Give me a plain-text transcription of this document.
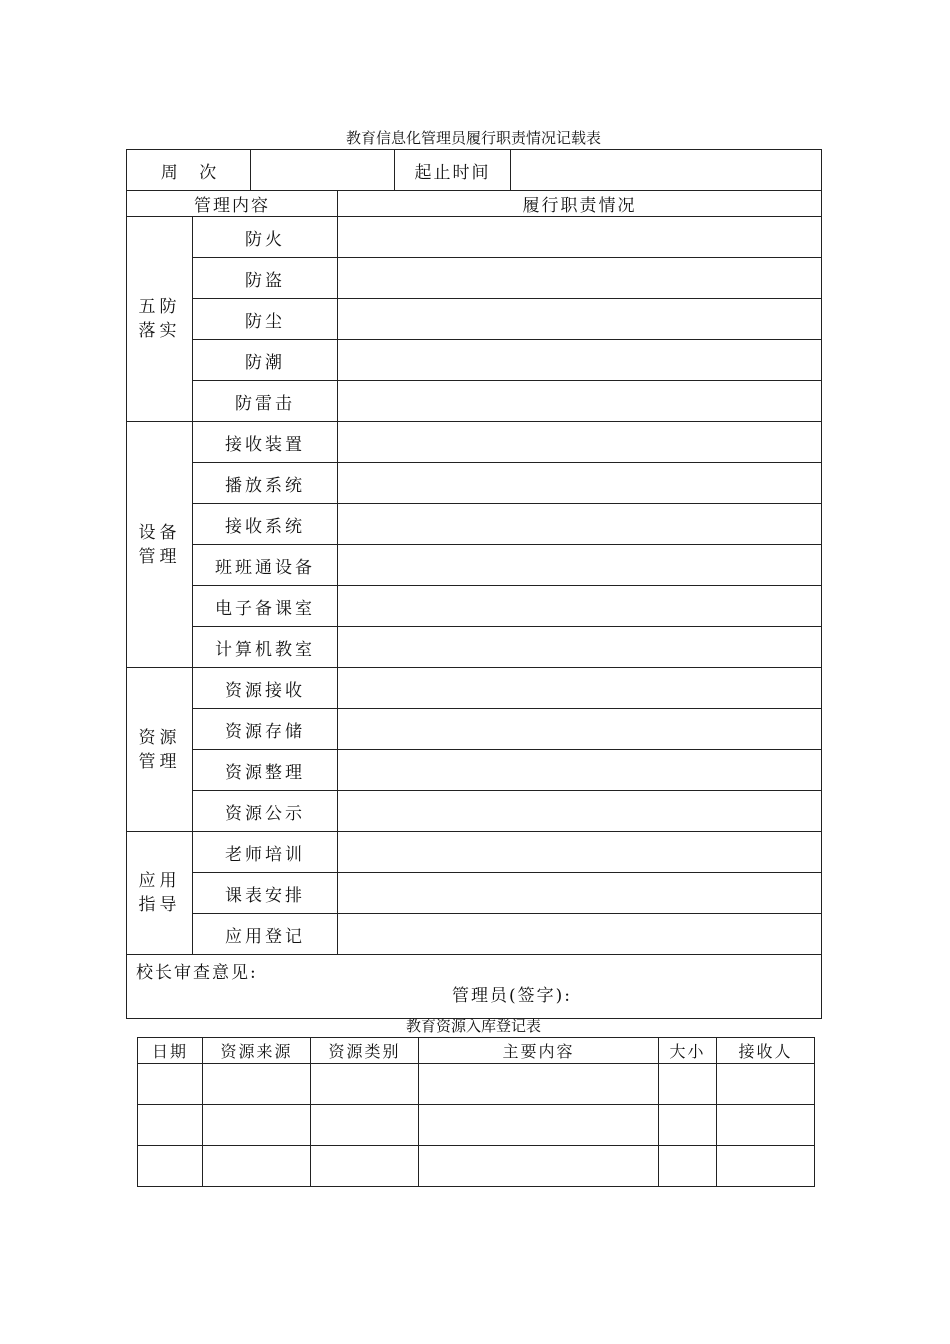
教育信息化管理员履行职责情况记载表
周    次				起止时间	
管理内容			履行职责情况		
五防
落实	防火				
	防盗				
	防尘				
	防潮				
	防雷击				
设备
管理	接收装置				
	播放系统				
	接收系统				
	班班通设备				
	电子备课室				
	计算机教室				
资源
管理	资源接收				
	资源存储				
	资源整理				
	资源公示				
应用
指导	老师培训				
	课表安排				
	应用登记				

校长审查意见:
管理员(签字):					
教育资源入库登记表
日期	资源来源	资源类别	主要内容	大小	接收人
